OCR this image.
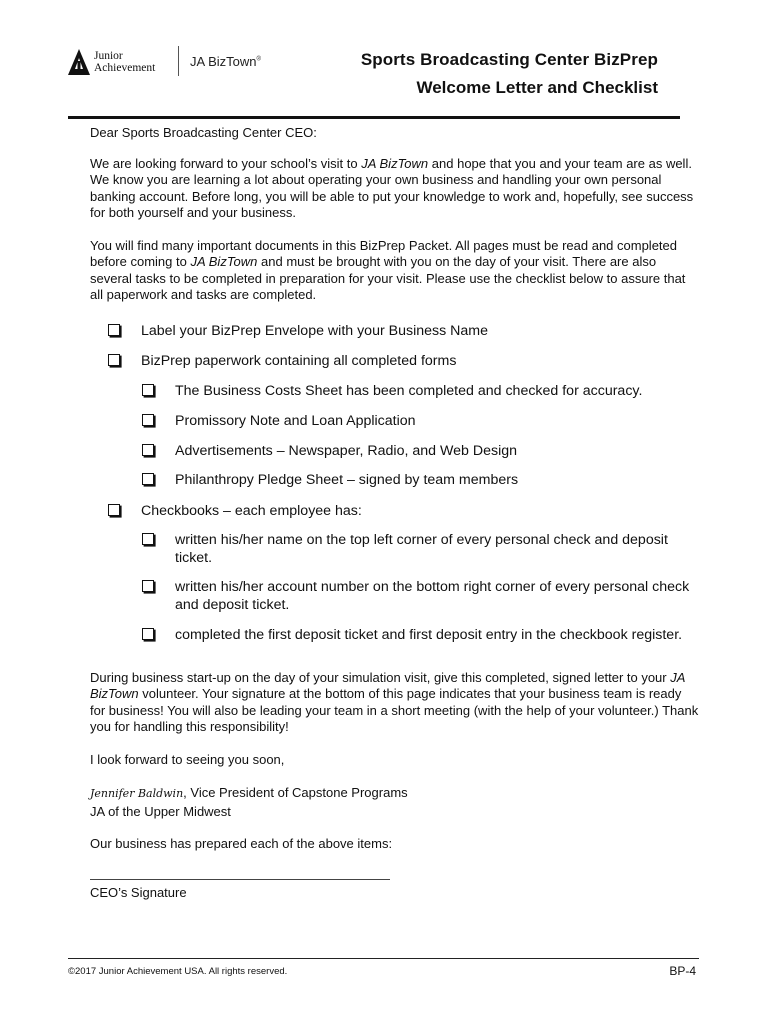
Junior
Achievement	JA BizTown®	Sports Broadcasting Center BizPrep
Welcome Letter and Checklist
Dear Sports Broadcasting Center CEO:
We are looking forward to your school’s visit to JA BizTown and hope that you and your team are as well. We know you are learning a lot about operating your own business and handling your own personal banking account. Before long, you will be able to put your knowledge to work and, hopefully, see success for both yourself and your business.
You will find many important documents in this BizPrep Packet. All pages must be read and completed before coming to JA BizTown and must be brought with you on the day of your visit. There are also several tasks to be completed in preparation for your visit. Please use the checklist below to assure that all paperwork and tasks are completed.
Label your BizPrep Envelope with your Business Name
BizPrep paperwork containing all completed forms
The Business Costs Sheet has been completed and checked for accuracy.
Promissory Note and Loan Application
Advertisements – Newspaper, Radio, and Web Design
Philanthropy Pledge Sheet – signed by team members
Checkbooks – each employee has:
written his/her name on the top left corner of every personal check and deposit ticket.
written his/her account number on the bottom right corner of every personal check and deposit ticket.
completed the first deposit ticket and first deposit entry in the checkbook register.
During business start-up on the day of your simulation visit, give this completed, signed letter to your JA BizTown volunteer. Your signature at the bottom of this page indicates that your business team is ready for business! You will also be leading your team in a short meeting (with the help of your volunteer.) Thank you for handling this responsibility!
I look forward to seeing you soon,
Jennifer Baldwin, Vice President of Capstone Programs
JA of the Upper Midwest
Our business has prepared each of the above items:
CEO’s Signature
©2017 Junior Achievement USA. All rights reserved.	BP-4
